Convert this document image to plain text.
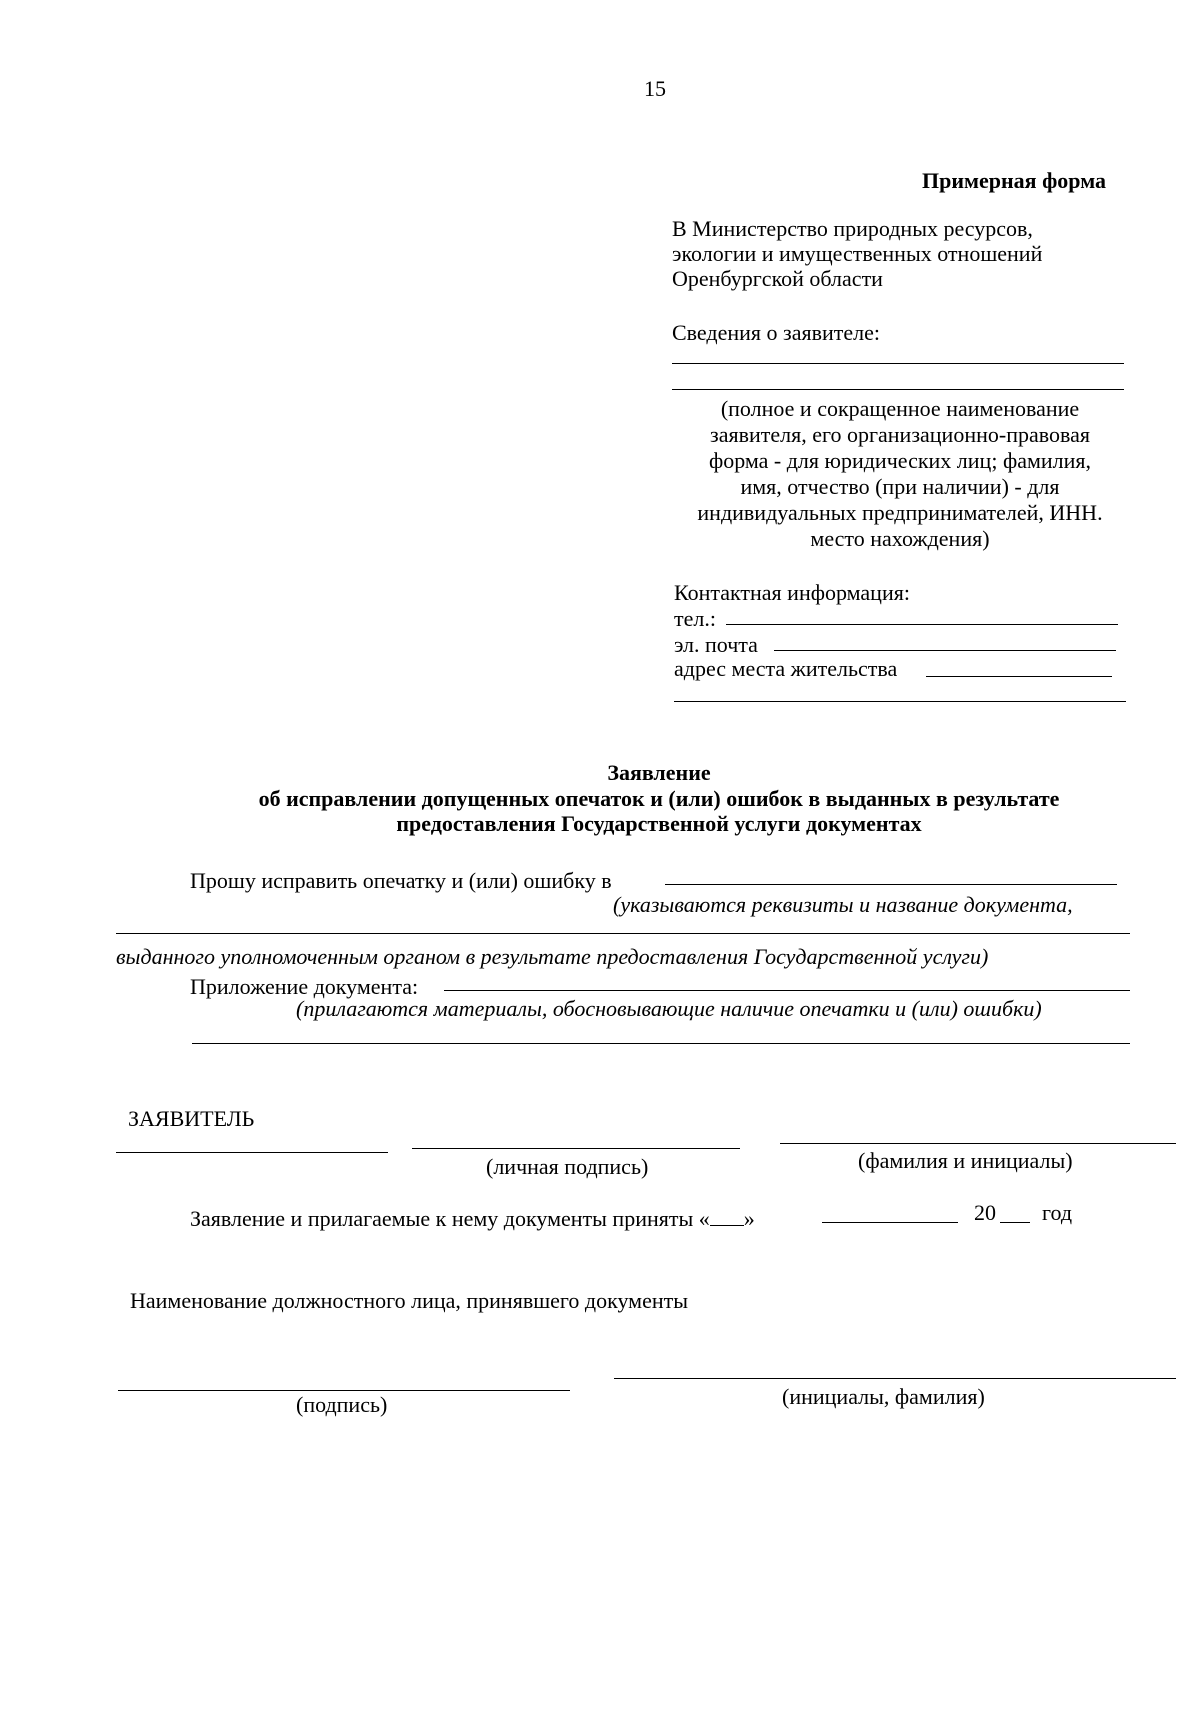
15
Примерная форма
В Министерство природных ресурсов,
экологии и имущественных отношений
Оренбургской области
Сведения о заявителе:
(полное и сокращенное наименование
заявителя, его организационно-правовая
форма - для юридических лиц; фамилия,
имя, отчество (при наличии) - для
индивидуальных предпринимателей, ИНН.
место нахождения)
Контактная информация:
тел.:
эл. почта
адрес места жительства
Заявление
об исправлении допущенных опечаток и (или) ошибок в выданных в результате
предоставления Государственной услуги документах
Прошу исправить опечатку и (или) ошибку в
(указываются реквизиты и название документа,
выданного уполномоченным органом в результате предоставления Государственной услуги)
Приложение документа:
(прилагаются материалы, обосновывающие наличие опечатки и (или) ошибки)
ЗАЯВИТЕЛЬ
(личная подпись)	(фамилия и инициалы)
Заявление и прилагаемые к нему документы приняты « »	20 год
Наименование должностного лица, принявшего документы
(подпись)	(инициалы, фамилия)
